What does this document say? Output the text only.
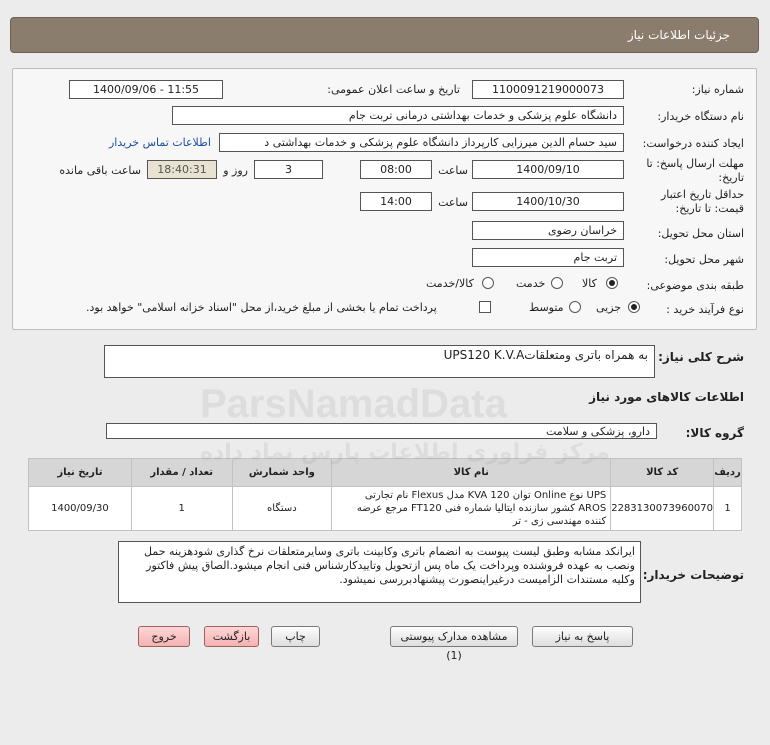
جزئیات اطلاعات نیاز
شماره نیاز:
1100091219000073
تاریخ و ساعت اعلان عمومی:
1400/09/06 - 11:55
نام دستگاه خریدار:
دانشگاه علوم پزشکی و خدمات بهداشتی درمانی تربت جام
ایجاد کننده درخواست:
سید حسام الدین میرزایی کارپرداز دانشگاه علوم پزشکی و خدمات بهداشتی د
اطلاعات تماس خریدار
مهلت ارسال پاسخ: تا
تاریخ:
1400/09/10
ساعت
08:00
3
روز و
18:40:31
ساعت باقی مانده
حداقل تاریخ اعتبار
قیمت: تا تاریخ:
1400/10/30
ساعت
14:00
استان محل تحویل:
خراسان رضوی
شهر محل تحویل:
تربت جام
طبقه بندی موضوعی:
کالا
خدمت
کالا/خدمت
نوع فرآیند خرید :
جزیی
متوسط
پرداخت تمام یا بخشی از مبلغ خرید،از محل "اسناد خزانه اسلامی" خواهد بود.
شرح کلی نیاز:
UPS120 K.V.Aبه همراه باتری ومتعلقات
اطلاعات کالاهای مورد نیاز
گروه کالا:
دارو، پزشکی و سلامت
ردیف	کد کالا	نام کالا	واحد شمارش	تعداد / مقدار	تاریخ نیاز
1	2283130073960070	UPS نوع Online توان KVA 120 مدل Flexus نام تجارتی AROS کشور سازنده ایتالیا شماره فنی FT120 مرجع عرضه کننده مهندسی زی - تر	دستگاه	1	1400/09/30
توضیحات خریدار:
ایرانکد مشابه وطبق لیست پیوست به انضمام باتری وکابینت باتری وسایرمتعلقات نرخ گذاری شودهزینه حمل ونصب به عهده فروشنده وپرداخت یک ماه پس ازتحویل وتاییدکارشناس فنی انجام میشود.الصاق پیش فاکتور وکلیه مستندات الزامیست درغیراینصورت پیشنهادبررسی نمیشود.
پاسخ به نیاز
مشاهده مدارک پیوستی (1)
چاپ
بازگشت
خروج
ParsNamadData
مرکز فراوری اطلاعات پارس نماد داده
